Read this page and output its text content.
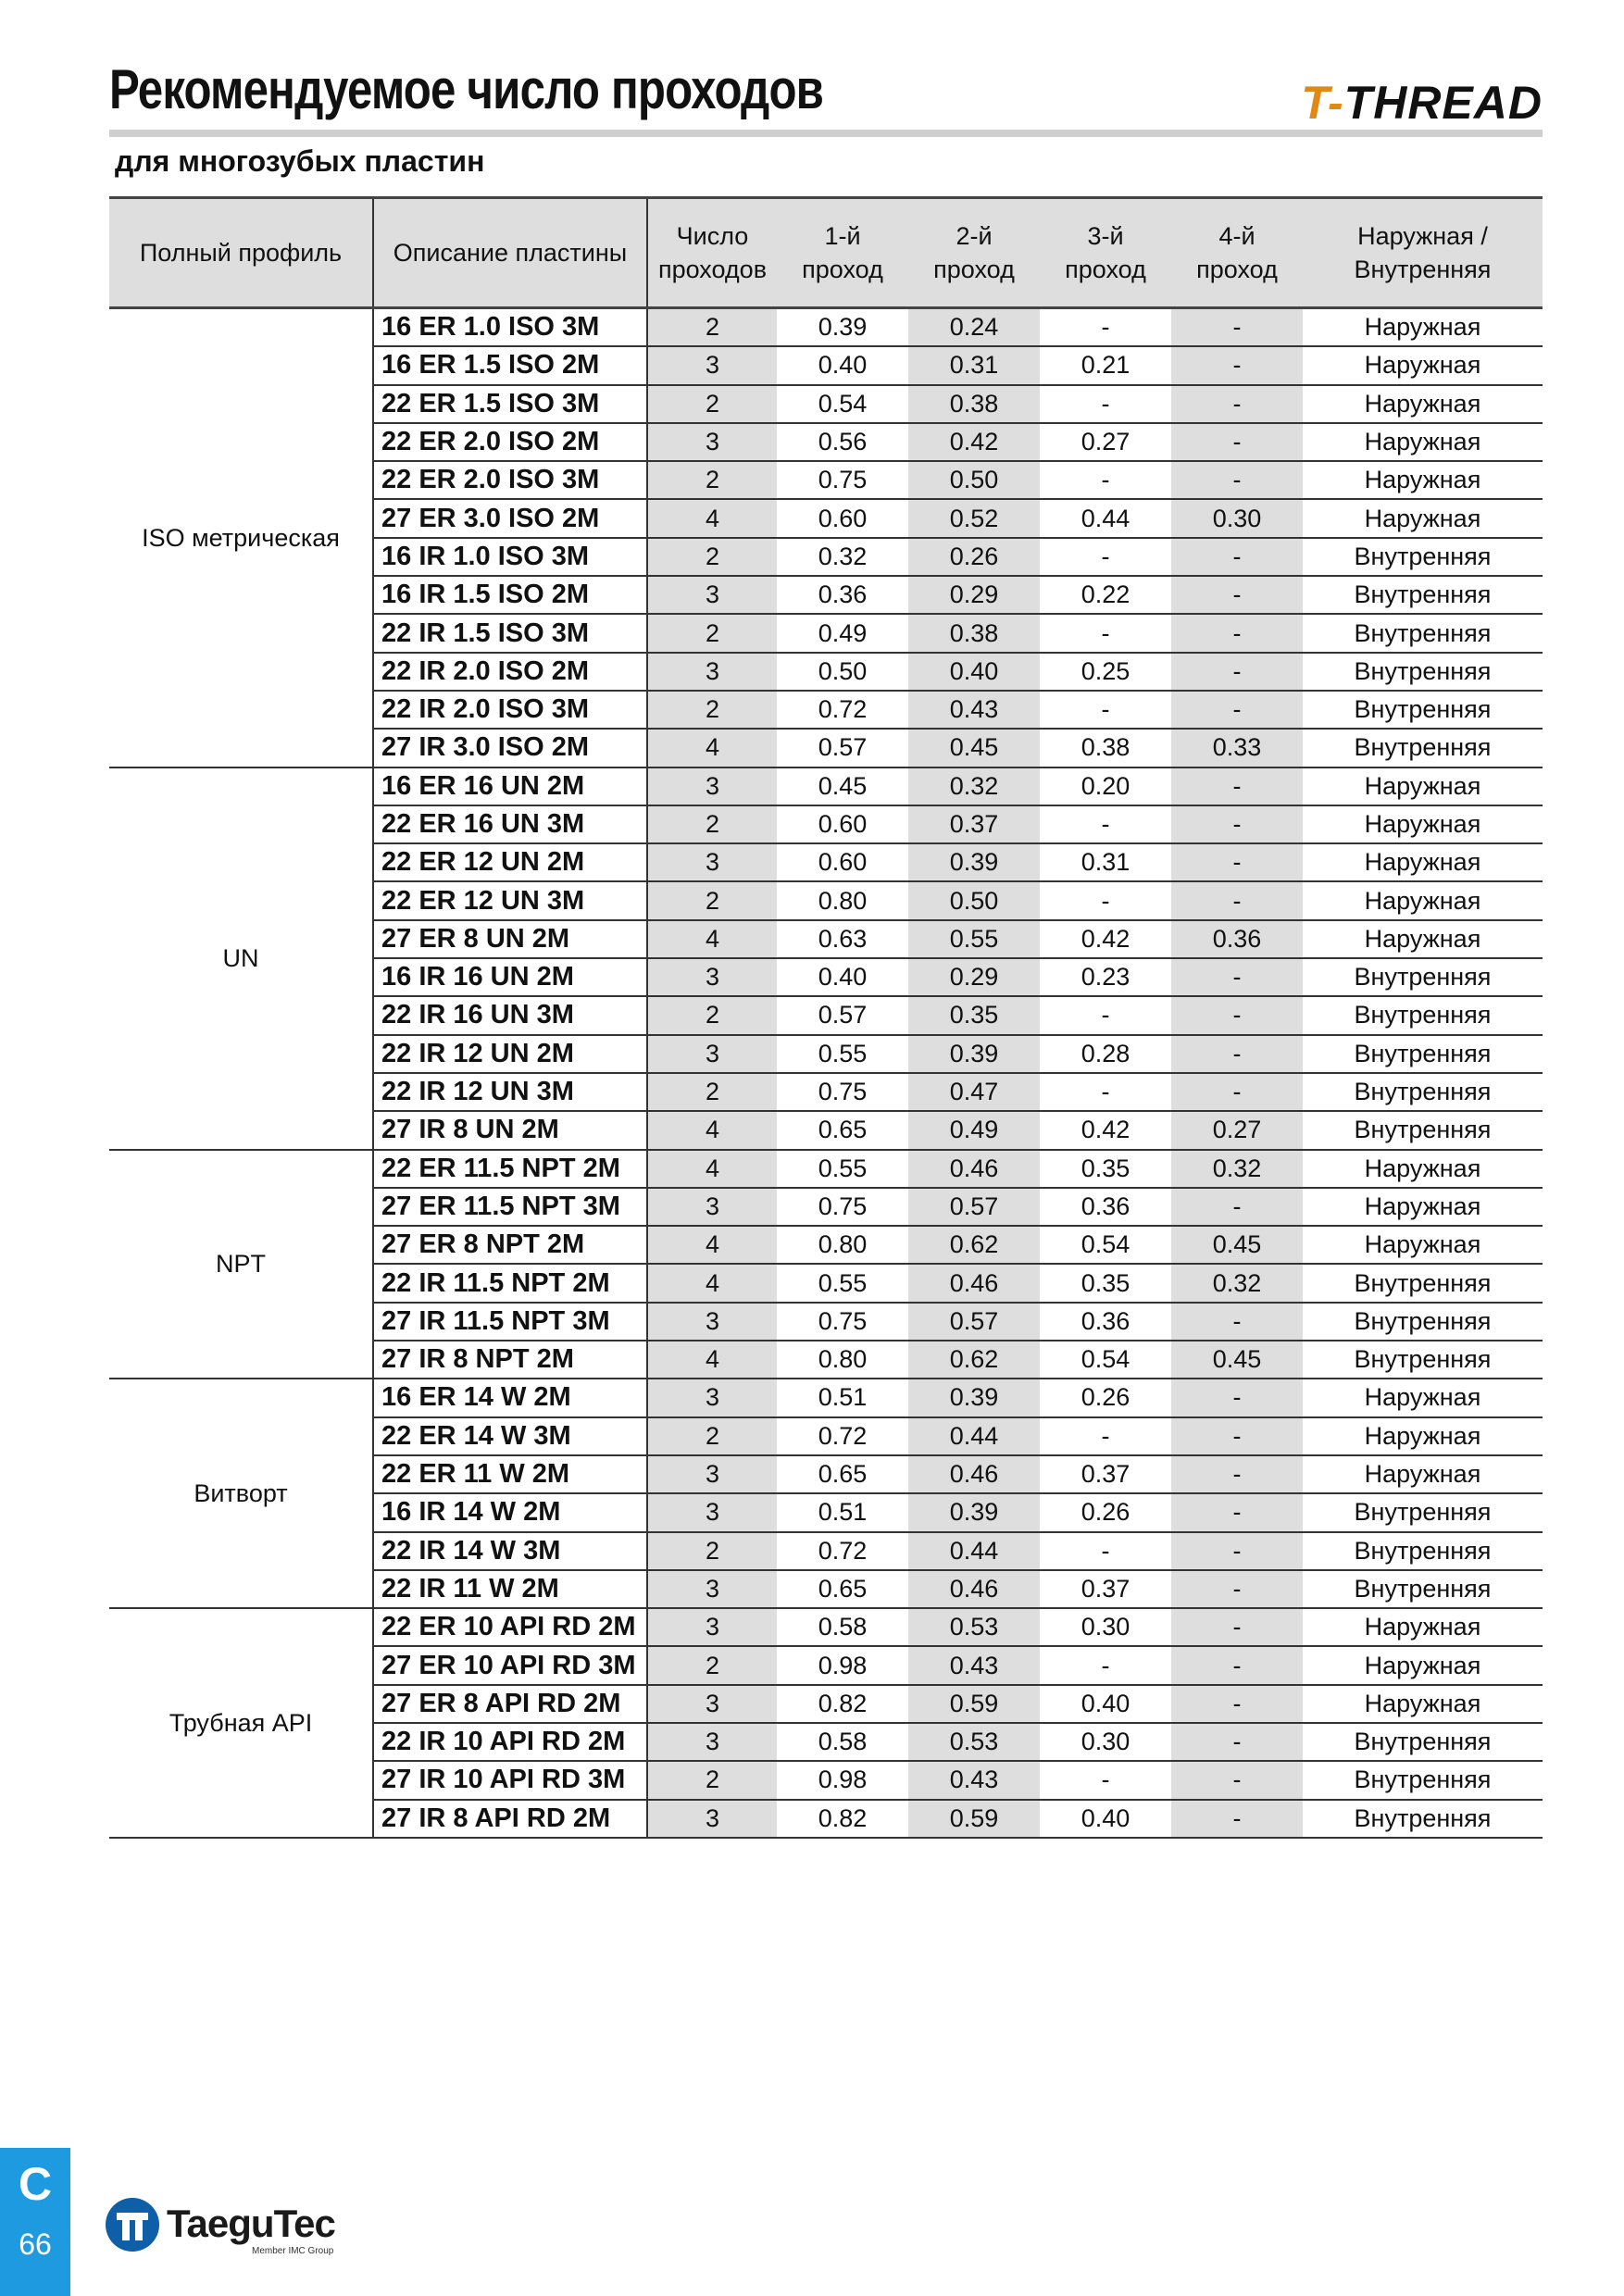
Рекомендуемое число проходов	T-THREAD
для многозубых пластин
Полный профиль	Описание пластины	Число проходов	1-й проход	2-й проход	3-й проход	4-й проход	Наружная / Внутренняя
ISO метрическая	16 ER 1.0 ISO 3M	2	0.39	0.24	-	-	Наружная
	16 ER 1.5 ISO 2M	3	0.40	0.31	0.21	-	Наружная
	22 ER 1.5 ISO 3M	2	0.54	0.38	-	-	Наружная
	22 ER 2.0 ISO 2M	3	0.56	0.42	0.27	-	Наружная
	22 ER 2.0 ISO 3M	2	0.75	0.50	-	-	Наружная
	27 ER 3.0 ISO 2M	4	0.60	0.52	0.44	0.30	Наружная
	16 IR 1.0 ISO 3M	2	0.32	0.26	-	-	Внутренняя
	16 IR 1.5 ISO 2M	3	0.36	0.29	0.22	-	Внутренняя
	22 IR 1.5 ISO 3M	2	0.49	0.38	-	-	Внутренняя
	22 IR 2.0 ISO 2M	3	0.50	0.40	0.25	-	Внутренняя
	22 IR 2.0 ISO 3M	2	0.72	0.43	-	-	Внутренняя
	27 IR 3.0 ISO 2M	4	0.57	0.45	0.38	0.33	Внутренняя
UN	16 ER 16 UN 2M	3	0.45	0.32	0.20	-	Наружная
	22 ER 16 UN 3M	2	0.60	0.37	-	-	Наружная
	22 ER 12 UN 2M	3	0.60	0.39	0.31	-	Наружная
	22 ER 12 UN 3M	2	0.80	0.50	-	-	Наружная
	27 ER 8 UN 2M	4	0.63	0.55	0.42	0.36	Наружная
	16 IR 16 UN 2M	3	0.40	0.29	0.23	-	Внутренняя
	22 IR 16 UN 3M	2	0.57	0.35	-	-	Внутренняя
	22 IR 12 UN 2M	3	0.55	0.39	0.28	-	Внутренняя
	22 IR 12 UN 3M	2	0.75	0.47	-	-	Внутренняя
	27 IR 8 UN 2M	4	0.65	0.49	0.42	0.27	Внутренняя
NPT	22 ER 11.5 NPT 2M	4	0.55	0.46	0.35	0.32	Наружная
	27 ER 11.5 NPT 3M	3	0.75	0.57	0.36	-	Наружная
	27 ER 8 NPT 2M	4	0.80	0.62	0.54	0.45	Наружная
	22 IR 11.5 NPT 2M	4	0.55	0.46	0.35	0.32	Внутренняя
	27 IR 11.5 NPT 3M	3	0.75	0.57	0.36	-	Внутренняя
	27 IR 8 NPT 2M	4	0.80	0.62	0.54	0.45	Внутренняя
Витворт	16 ER 14 W 2M	3	0.51	0.39	0.26	-	Наружная
	22 ER 14 W 3M	2	0.72	0.44	-	-	Наружная
	22 ER 11 W 2M	3	0.65	0.46	0.37	-	Наружная
	16 IR 14 W 2M	3	0.51	0.39	0.26	-	Внутренняя
	22 IR 14 W 3M	2	0.72	0.44	-	-	Внутренняя
	22 IR 11 W 2M	3	0.65	0.46	0.37	-	Внутренняя
Трубная API	22 ER 10 API RD 2M	3	0.58	0.53	0.30	-	Наружная
	27 ER 10 API RD 3M	2	0.98	0.43	-	-	Наружная
	27 ER 8 API RD 2M	3	0.82	0.59	0.40	-	Наружная
	22 IR 10 API RD 2M	3	0.58	0.53	0.30	-	Внутренняя
	27 IR 10 API RD 3M	2	0.98	0.43	-	-	Внутренняя
	27 IR 8 API RD 2M	3	0.82	0.59	0.40	-	Внутренняя
C
66	TaeguTec
Member IMC Group
